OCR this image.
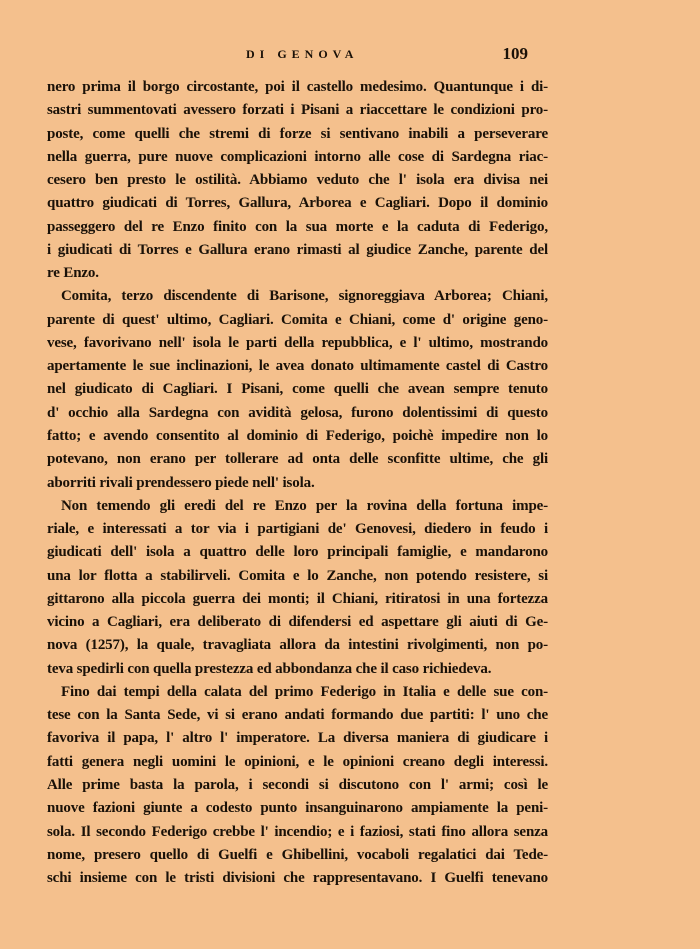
DI GENOVA	109
nero prima il borgo circostante, poi il castello medesimo. Quantunque i di-
sastri summentovati avessero forzati i Pisani a riaccettare le condizioni pro-
poste, come quelli che stremi di forze si sentivano inabili a perseverare
nella guerra, pure nuove complicazioni intorno alle cose di Sardegna riac-
cesero ben presto le ostilità. Abbiamo veduto che l' isola era divisa nei
quattro giudicati di Torres, Gallura, Arborea e Cagliari. Dopo il dominio
passeggero del re Enzo finito con la sua morte e la caduta di Federigo,
i giudicati di Torres e Gallura erano rimasti al giudice Zanche, parente del
re Enzo.
Comita, terzo discendente di Barisone, signoreggiava Arborea; Chiani,
parente di quest' ultimo, Cagliari. Comita e Chiani, come d' origine geno-
vese, favorivano nell' isola le parti della repubblica, e l' ultimo, mostrando
apertamente le sue inclinazioni, le avea donato ultimamente castel di Castro
nel giudicato di Cagliari. I Pisani, come quelli che avean sempre tenuto
d' occhio alla Sardegna con avidità gelosa, furono dolentissimi di questo
fatto; e avendo consentito al dominio di Federigo, poichè impedire non lo
potevano, non erano per tollerare ad onta delle sconfitte ultime, che gli
aborriti rivali prendessero piede nell' isola.
Non temendo gli eredi del re Enzo per la rovina della fortuna impe-
riale, e interessati a tor via i partigiani de' Genovesi, diedero in feudo i
giudicati dell' isola a quattro delle loro principali famiglie, e mandarono
una lor flotta a stabilirveli. Comita e lo Zanche, non potendo resistere, si
gittarono alla piccola guerra dei monti; il Chiani, ritiratosi in una fortezza
vicino a Cagliari, era deliberato di difendersi ed aspettare gli aiuti di Ge-
nova (1257), la quale, travagliata allora da intestini rivolgimenti, non po-
teva spedirli con quella prestezza ed abbondanza che il caso richiedeva.
Fino dai tempi della calata del primo Federigo in Italia e delle sue con-
tese con la Santa Sede, vi si erano andati formando due partiti: l' uno che
favoriva il papa, l' altro l' imperatore. La diversa maniera di giudicare i
fatti genera negli uomini le opinioni, e le opinioni creano degli interessi.
Alle prime basta la parola, i secondi si discutono con l' armi; così le
nuove fazioni giunte a codesto punto insanguinarono ampiamente la peni-
sola. Il secondo Federigo crebbe l' incendio; e i faziosi, stati fino allora senza
nome, presero quello di Guelfi e Ghibellini, vocaboli regalatici dai Tede-
schi insieme con le tristi divisioni che rappresentavano. I Guelfi tenevano
